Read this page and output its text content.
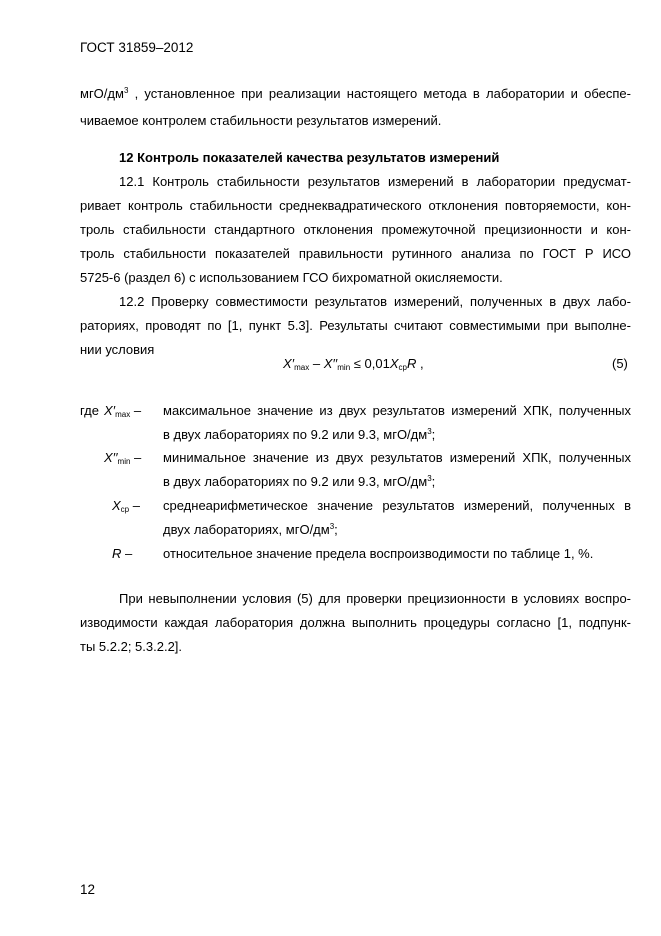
ГОСТ 31859–2012
мгО/$дм^3$ , установленное при реализации настоящего метода в лаборатории и обеспе-
чиваемое контролем стабильности результатов измерений.
12 Контроль показателей качества результатов измерений
12.1 Контроль стабильности результатов измерений в лаборатории предусмат-
ривает контроль стабильности среднеквадратического отклонения повторяемости, кон-
троль стабильности стандартного отклонения промежуточной прецизионности и кон-
троль стабильности показателей правильности рутинного анализа по ГОСТ Р ИСО
5725-6 (раздел 6) с использованием ГСО бихроматной окисляемости.
12.2 Проверку совместимости результатов измерений, полученных в двух лабо-
раториях, проводят по [1, пункт 5.3]. Результаты считают совместимыми при выполне-
нии условия
$X'_{max} - X''_{min} \le 0,01X_{ср}R$ ,	(5)
где $X'_{max}$ – максимальное значение из двух результатов измерений ХПК, полученных
в двух лабораториях по 9.2 или 9.3, мгО/$дм^3$;
$X''_{min}$ – минимальное значение из двух результатов измерений ХПК, полученных
в двух лабораториях по 9.2 или 9.3, мгО/$дм^3$;
$X_{ср}$ – среднеарифметическое значение результатов измерений, полученных в
двух лабораториях, мгО/$дм^3$;
R – относительное значение предела воспроизводимости по таблице 1, %.
При невыполнении условия (5) для проверки прецизионности в условиях воспро-
изводимости каждая лаборатория должна выполнить процедуры согласно [1, подпунк-
ты 5.2.2; 5.3.2.2].
12
